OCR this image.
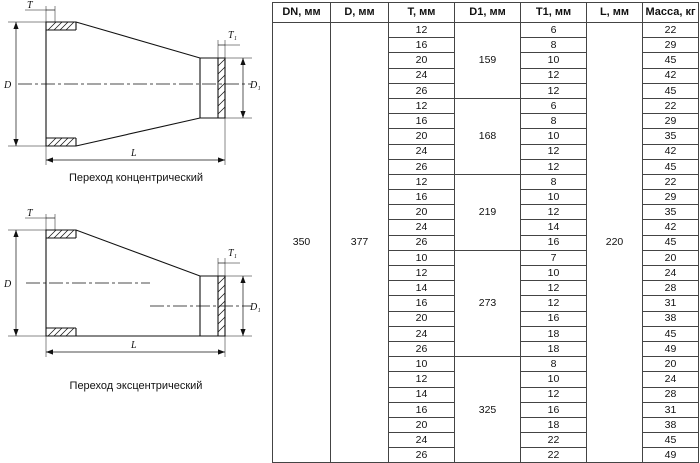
D	D₁
T
T₁
L
Переход концентрический
D
D₁
T
T₁
L
Переход эксцентрический
DN, мм	D, мм	T, мм	D1, мм	T1, мм	L, мм	Масса, кг
350	377	12	159	6	220	22
		16		8		29
		20		10		45
		24		12		42
		26		12		45
		12	168	6		22
		16		8		29
		20		10		35
		24		12		42
		26		12		45
		12	219	8		22
		16		10		29
		20		12		35
		24		14		42
		26		16		45
		10	273	7		20
		12		10		24
		14		12		28
		16		12		31
		20		16		38
		24		18		45
		26		18		49
		10	325	8		20
		12		10		24
		14		12		28
		16		16		31
		20		18		38
		24		22		45
		26		22		49
